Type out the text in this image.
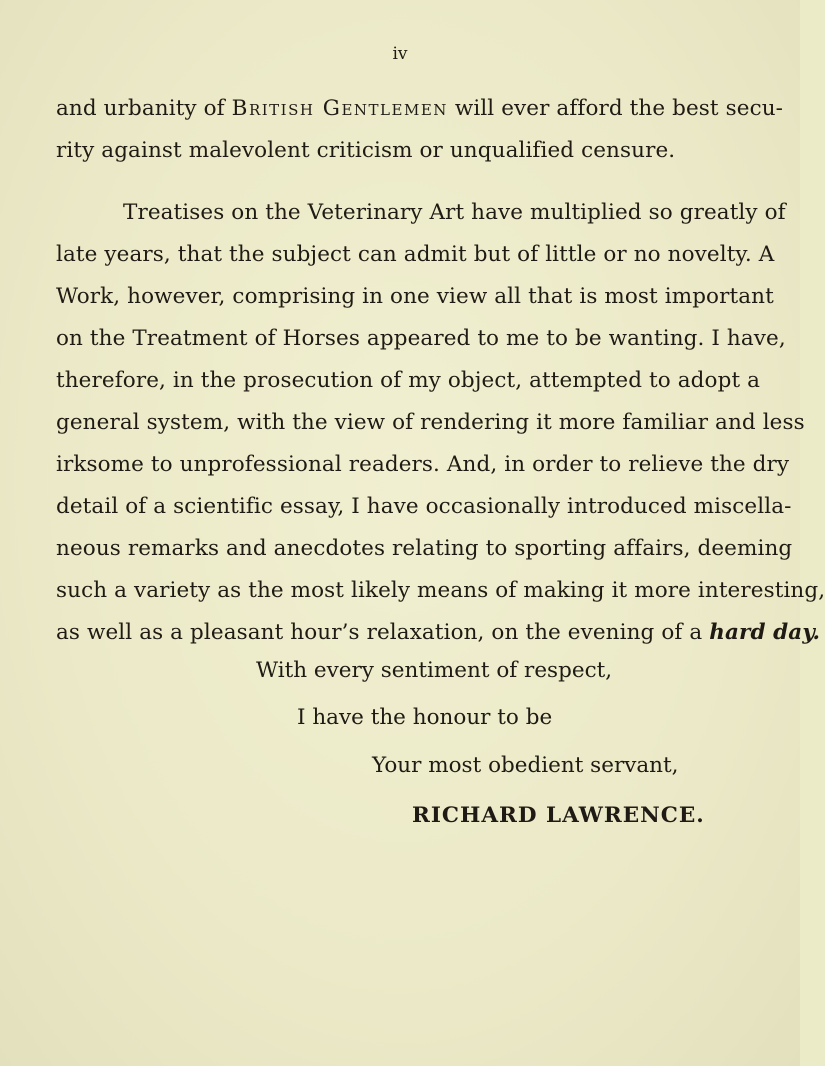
iv
and urbanity of British Gentlemen will ever afford the best secu-
rity against malevolent criticism or unqualified censure.
Treatises on the Veterinary Art have multiplied so greatly of
late years, that the subject can admit but of little or no novelty. A
Work, however, comprising in one view all that is most important
on the Treatment of Horses appeared to me to be wanting. I have,
therefore, in the prosecution of my object, attempted to adopt a
general system, with the view of rendering it more familiar and less
irksome to unprofessional readers. And, in order to relieve the dry
detail of a scientific essay, I have occasionally introduced miscella-
neous remarks and anecdotes relating to sporting affairs, deeming
such a variety as the most likely means of making it more interesting,
as well as a pleasant hour’s relaxation, on the evening of a hard day.
With every sentiment of respect,
I have the honour to be
Your most obedient servant,
RICHARD LAWRENCE.
